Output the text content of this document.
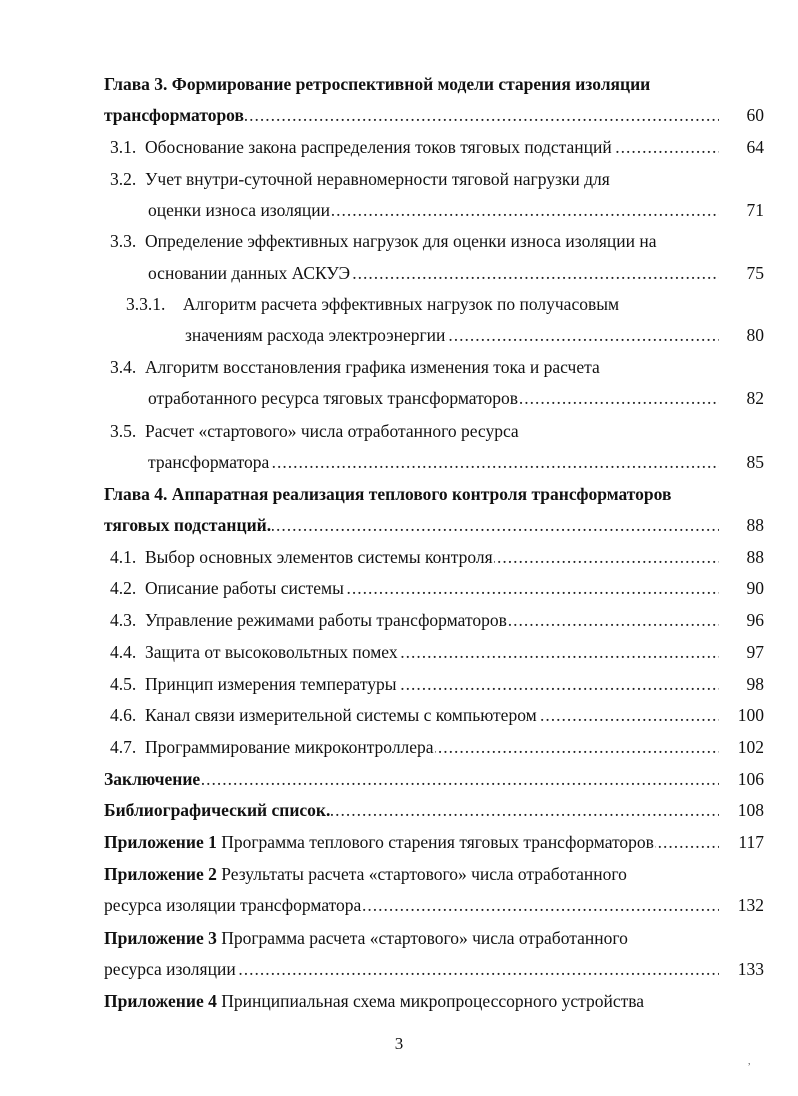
Глава 3. Формирование ретроспективной модели старения изоляции
трансформаторов .....	60
3.1. Обоснование закона распределения токов тяговых подстанций .....	64
3.2. Учет внутри-суточной неравномерности тяговой нагрузки для
оценки износа изоляции .....	71
3.3. Определение эффективных нагрузок для оценки износа изоляции на
основании данных АСКУЭ .....	75
3.3.1. Алгоритм расчета эффективных нагрузок по получасовым
значениям расхода электроэнергии .....	80
3.4. Алгоритм восстановления графика изменения тока и расчета
отработанного ресурса тяговых трансформаторов .....	82
3.5. Расчет «стартового» числа отработанного ресурса
трансформатора .....	85
Глава 4. Аппаратная реализация теплового контроля трансформаторов
тяговых подстанций. .....	88
4.1. Выбор основных элементов системы контроля .....	88
4.2. Описание работы системы .....	90
4.3. Управление режимами работы трансформаторов .....	96
4.4. Защита от высоковольтных помех .....	97
4.5. Принцип измерения температуры .....	98
4.6. Канал связи измерительной системы с компьютером .....	100
4.7. Программирование микроконтроллера .....	102
Заключение .....	106
Библиографический список. .....	108
Приложение 1 Программа теплового старения тяговых трансформаторов .....	117
Приложение 2 Результаты расчета «стартового» числа отработанного
ресурса изоляции трансформатора .....	132
Приложение 3 Программа расчета «стартового» числа отработанного
ресурса изоляции .....	133
Приложение 4 Принципиальная схема микропроцессорного устройства
3
,
